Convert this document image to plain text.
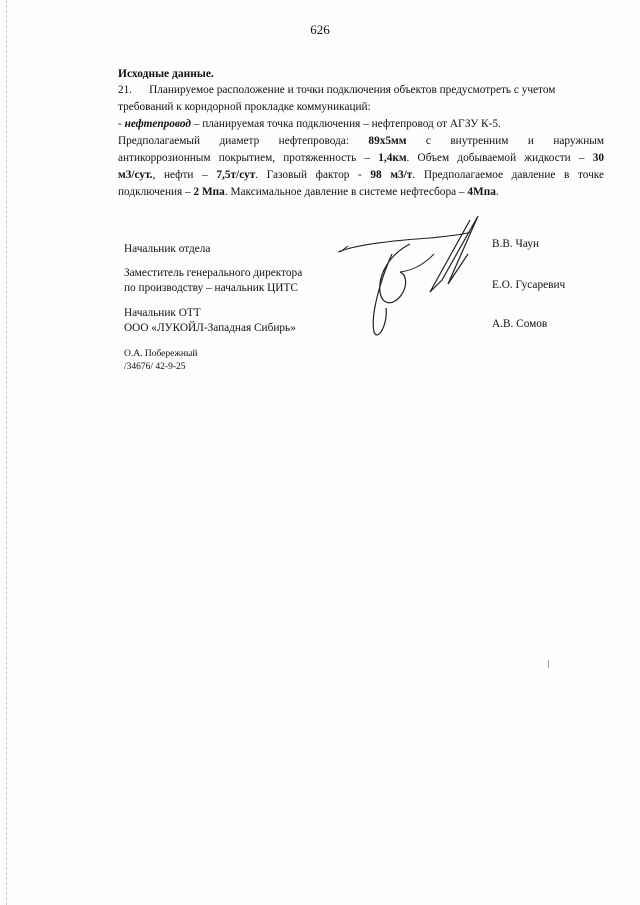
626
Исходные данные.
21. Планируемое расположение и точки подключения объектов предусмотреть с учетом
требований к коридорной прокладке коммуникаций:
- нефтепровод – планируемая точка подключения – нефтепровод от АГЗУ К-5.
Предполагаемый диаметр нефтепровода: 89х5мм с внутренним и наружным
антикоррозионным покрытием, протяженность – 1,4км. Объем добываемой жидкости – 30
м3/сут., нефти – 7,5т/сут. Газовый фактор - 98 м3/т. Предполагаемое давление в точке
подключения – 2 Мпа. Максимальное давление в системе нефтесбора – 4Мпа.
Начальник отдела	В.В. Чаун
Заместитель генерального директора
по производству – начальник ЦИТС	Е.О. Гусаревич
Начальник ОТТ
ООО «ЛУКОЙЛ-Западная Сибирь»	А.В. Сомов
О.А. Побережный
/34676/ 42-9-25
